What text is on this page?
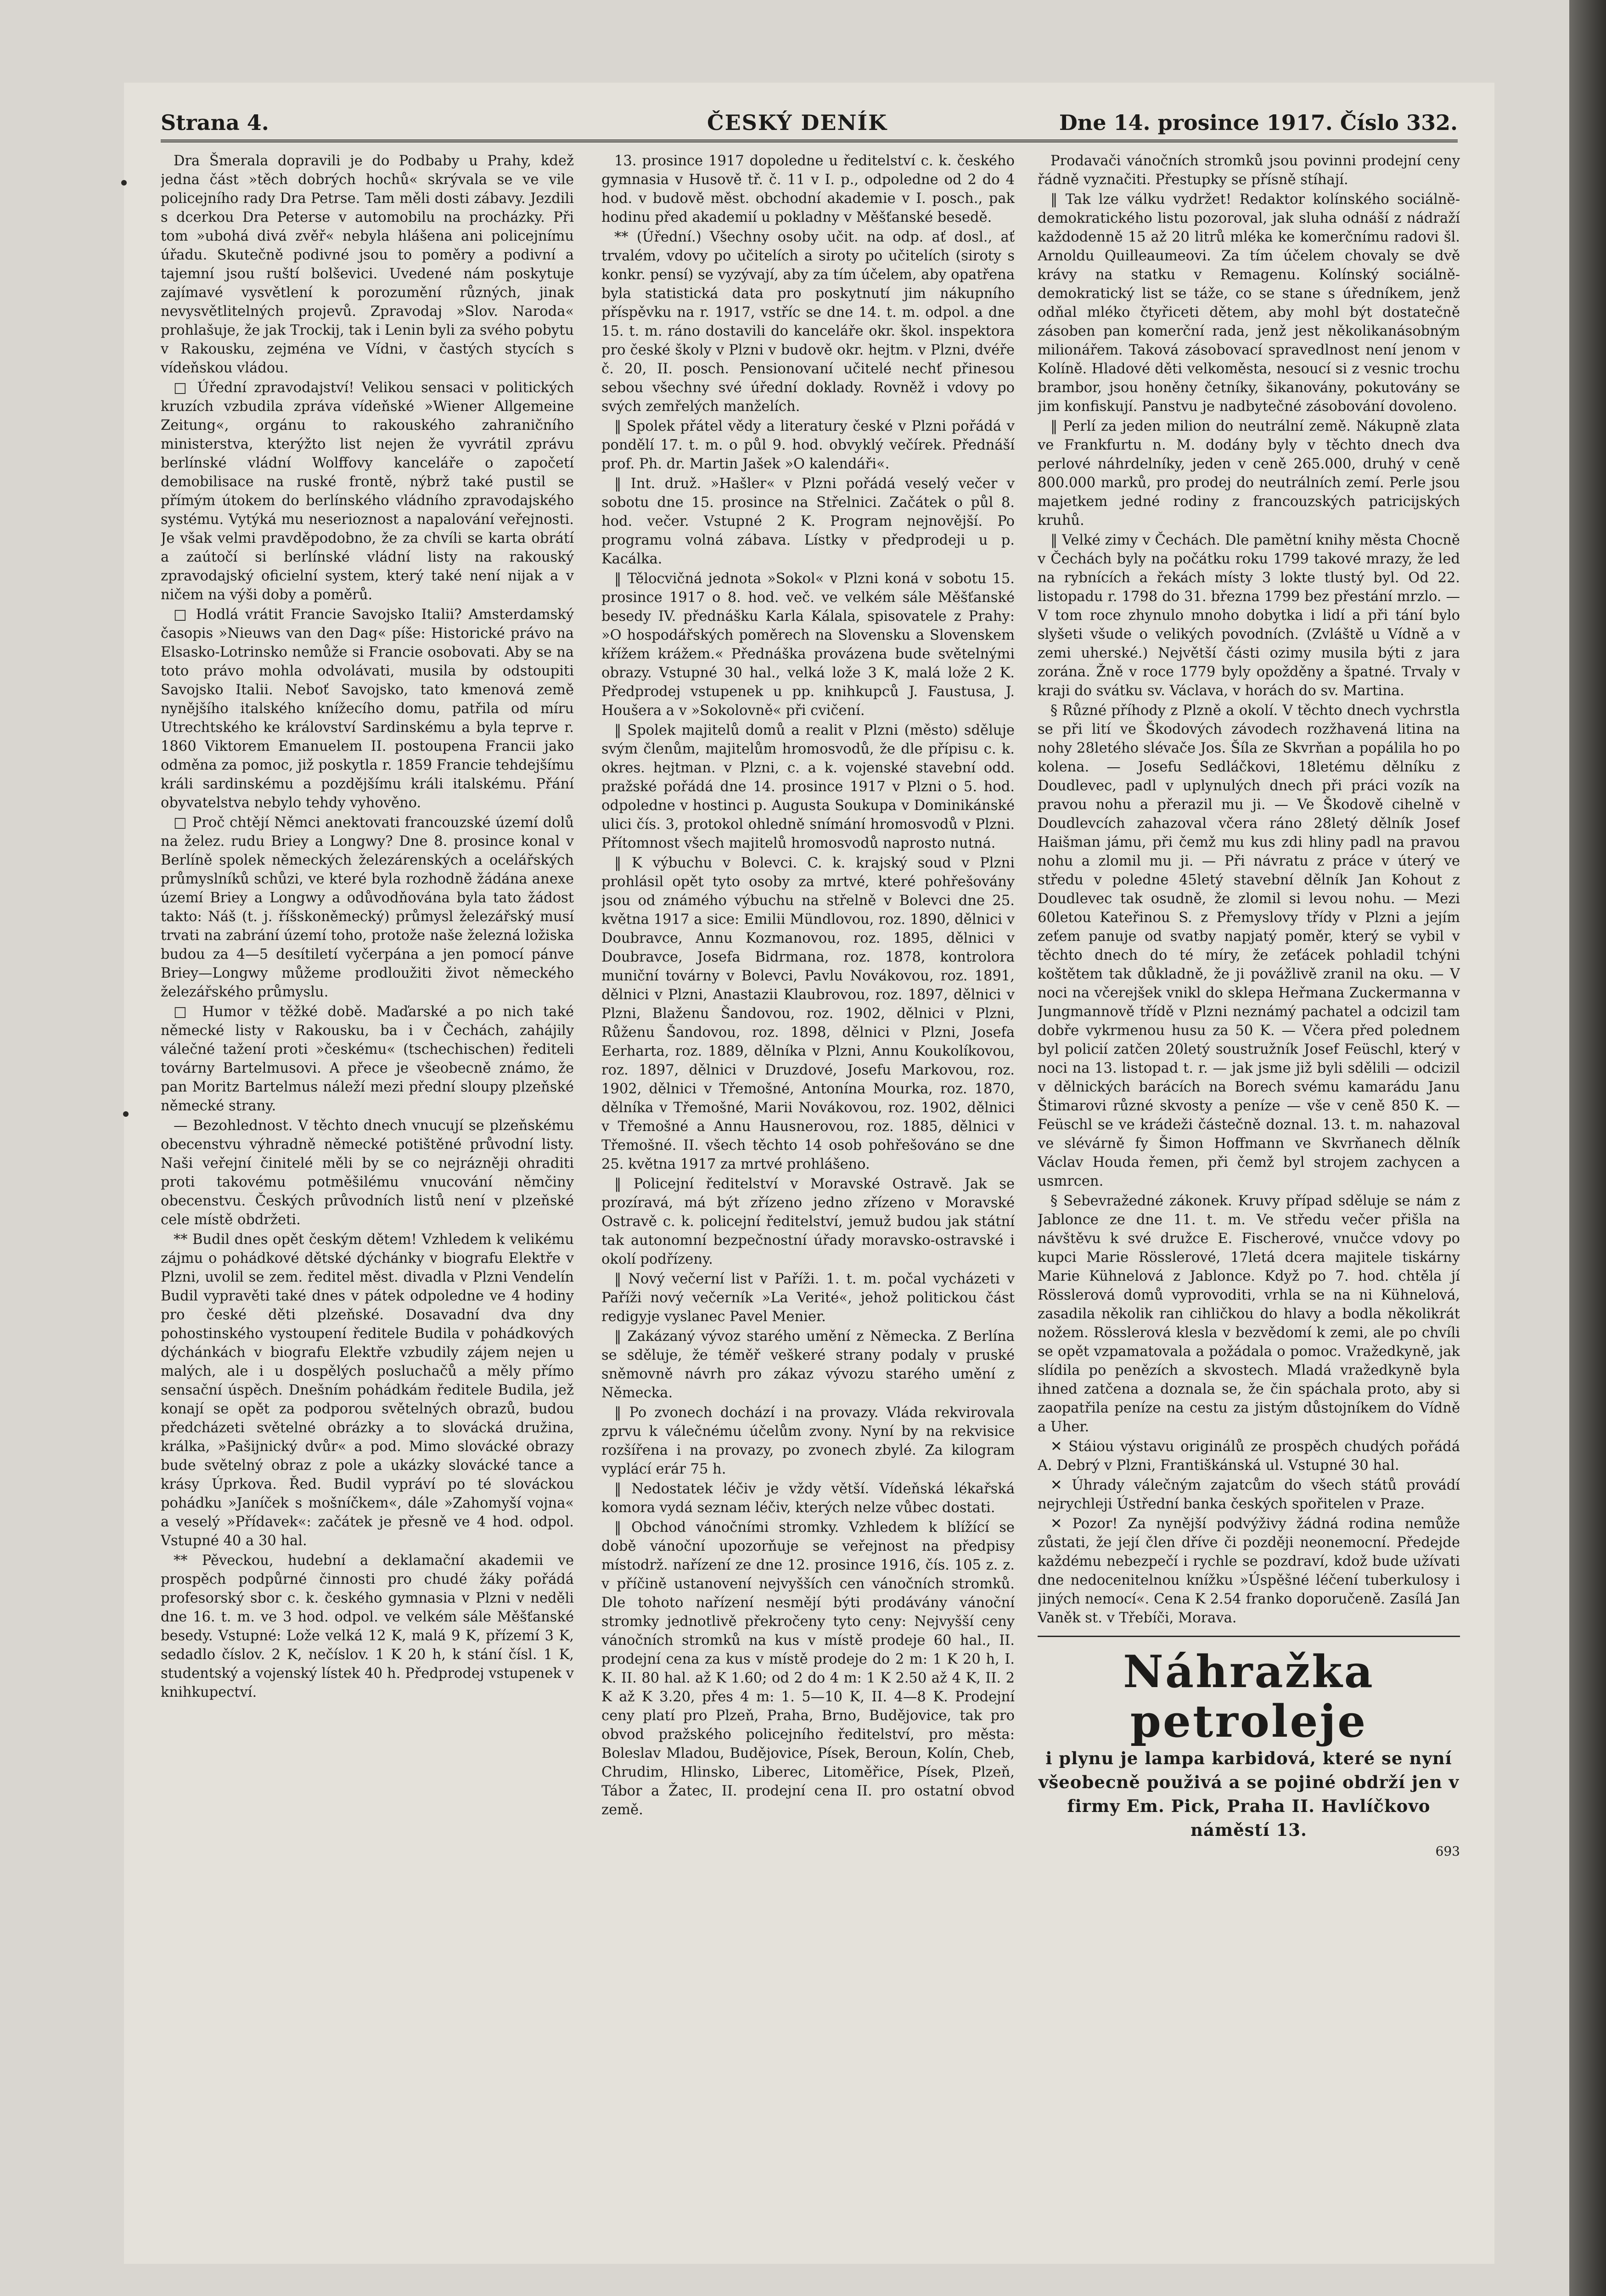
Strana 4.	ČESKÝ DENÍK	Dne 14. prosince 1917. Číslo 332.

Dra Šmerala dopravili je do Podbaby u Prahy, kdež jedna část »těch dobrých hochů« skrývala se ve vile policejního rady Dra Petrse. Tam měli dosti zábavy. Jezdili s dcerkou Dra Peterse v automobilu na procházky. Při tom »ubohá divá zvěř« nebyla hlášena ani policejnímu úřadu. Skutečně podivné jsou to poměry a podivní a tajemní jsou ruští bolševici. Uvedené nám poskytuje zajímavé vysvětlení k porozumění různých, jinak nevysvětlitelných projevů. Zpravodaj »Slov. Naroda« prohlašuje, že jak Trockij, tak i Lenin byli za svého pobytu v Rakousku, zejména ve Vídni, v častých stycích s vídeňskou vládou.

□ Úřední zpravodajství! Velikou sensaci v politických kruzích vzbudila zpráva vídeňské »Wiener Allgemeine Zeitung«, orgánu to rakouského zahraničního ministerstva, kterýžto list nejen že vyvrátil zprávu berlínské vládní Wolffovy kanceláře o započetí demobilisace na ruské frontě, nýbrž také pustil se přímým útokem do berlínského vládního zpravodajského systému. Vytýká mu neserioznost a napalování veřejnosti. Je však velmi pravděpodobno, že za chvíli se karta obrátí a zaútočí si berlínské vládní listy na rakouský zpravodajský oficielní system, který také není nijak a v ničem na výši doby a poměrů.

□ Hodlá vrátit Francie Savojsko Italii? Amsterdamský časopis »Nieuws van den Dag« píše: Historické právo na Elsasko-Lotrinsko nemůže si Francie osobovati. Aby se na toto právo mohla odvolávati, musila by odstoupiti Savojsko Italii. Neboť Savojsko, tato kmenová země nynějšího italského knížecího domu, patřila od míru Utrechtského ke království Sardinskému a byla teprve r. 1860 Viktorem Emanuelem II. postoupena Francii jako odměna za pomoc, již poskytla r. 1859 Francie tehdejšímu králi sardinskému a pozdějšímu králi italskému. Přání obyvatelstva nebylo tehdy vyhověno.

□ Proč chtějí Němci anektovati francouzské území dolů na želez. rudu Briey a Longwy? Dne 8. prosince konal v Berlíně spolek německých železárenských a ocelářských průmyslníků schůzi, ve které byla rozhodně žádána anexe území Briey a Longwy a odůvodňována byla tato žádost takto: Náš (t. j. říšskoněmecký) průmysl železářský musí trvati na zabrání území toho, protože naše železná ložiska budou za 4—5 desítiletí vyčerpána a jen pomocí pánve Briey—Longwy můžeme prodloužiti život německého železářského průmyslu.

□ Humor v těžké době. Maďarské a po nich také německé listy v Rakousku, ba i v Čechách, zahájily válečné tažení proti »českému« (tschechischen) řediteli továrny Bartelmusovi. A přece je všeobecně známo, že pan Moritz Bartelmus náleží mezi přední sloupy plzeňské německé strany.

— Bezohlednost. V těchto dnech vnucují se plzeňskému obecenstvu výhradně německé potištěné průvodní listy. Naši veřejní činitelé měli by se co nejrázněji ohraditi proti takovému potměšilému vnucování němčiny obecenstvu. Českých průvodních listů není v plzeňské cele místě obdržeti.

** Budil dnes opět českým dětem! Vzhledem k velikému zájmu o pohádkové dětské dýchánky v biografu Elektře v Plzni, uvolil se zem. ředitel měst. divadla v Plzni Vendelín Budil vypravěti také dnes v pátek odpoledne ve 4 hodiny pro české děti plzeňské. Dosavadní dva dny pohostinského vystoupení ředitele Budila v pohádkových dýchánkách v biografu Elektře vzbudily zájem nejen u malých, ale i u dospělých posluchačů a měly přímo sensační úspěch. Dnešním pohádkám ředitele Budila, jež konají se opět za podporou světelných obrazů, budou předcházeti světelné obrázky a to slovácká družina, králka, »Pašijnický dvůr« a pod. Mimo slovácké obrazy bude světelný obraz z pole a ukázky slovácké tance a krásy Úprkova. Řed. Budil vypráví po té slováckou pohádku »Janíček s mošníčkem«, dále »Zahomyší vojna« a veselý »Přídavek«: začátek je přesně ve 4 hod. odpol. Vstupné 40 a 30 hal.

** Pěveckou, hudební a deklamační akademii ve prospěch podpůrné činnosti pro chudé žáky pořádá profesorský sbor c. k. českého gymnasia v Plzni v neděli dne 16. t. m. ve 3 hod. odpol. ve velkém sále Měšťanské besedy. Vstupné: Lože velká 12 K, malá 9 K, přízemí 3 K, sedadlo číslov. 2 K, nečíslov. 1 K 20 h, k stání čísl. 1 K, studentský a vojenský lístek 40 h. Předprodej vstupenek v knihkupectví.

13. prosince 1917 dopoledne u ředitelství c. k. českého gymnasia v Husově tř. č. 11 v I. p., odpoledne od 2 do 4 hod. v budově měst. obchodní akademie v I. posch., pak hodinu před akademií u pokladny v Měšťanské besedě.

** (Úřední.) Všechny osoby učit. na odp. ať dosl., ať trvalém, vdovy po učitelích a siroty po učitelích (siroty s konkr. pensí) se vyzývají, aby za tím účelem, aby opatřena byla statistická data pro poskytnutí jim nákupního příspěvku na r. 1917, vstříc se dne 14. t. m. odpol. a dne 15. t. m. ráno dostavili do kanceláře okr. škol. inspektora pro české školy v Plzni v budově okr. hejtm. v Plzni, dvéře č. 20, II. posch. Pensionovaní učitelé nechť přinesou sebou všechny své úřední doklady. Rovněž i vdovy po svých zemřelých manželích.

‖ Spolek přátel vědy a literatury české v Plzni pořádá v pondělí 17. t. m. o půl 9. hod. obvyklý večírek. Přednáší prof. Ph. dr. Martin Jašek »O kalendáři«.

‖ Int. druž. »Hašler« v Plzni pořádá veselý večer v sobotu dne 15. prosince na Střelnici. Začátek o půl 8. hod. večer. Vstupné 2 K. Program nejnovější. Po programu volná zábava. Lístky v předprodeji u p. Kacálka.

‖ Tělocvičná jednota »Sokol« v Plzni koná v sobotu 15. prosince 1917 o 8. hod. več. ve velkém sále Měšťanské besedy IV. přednášku Karla Kálala, spisovatele z Prahy: »O hospodářských poměrech na Slovensku a Slovenskem křížem krážem.« Přednáška provázena bude světelnými obrazy. Vstupné 30 hal., velká lože 3 K, malá lože 2 K. Předprodej vstupenek u pp. knihkupců J. Faustusa, J. Houšera a v »Sokolovně« při cvičení.

‖ Spolek majitelů domů a realit v Plzni (město) sděluje svým členům, majitelům hromosvodů, že dle přípisu c. k. okres. hejtman. v Plzni, c. a k. vojenské stavební odd. pražské pořádá dne 14. prosince 1917 v Plzni o 5. hod. odpoledne v hostinci p. Augusta Soukupa v Dominikánské ulici čís. 3, protokol ohledně snímání hromosvodů v Plzni. Přítomnost všech majitelů hromosvodů naprosto nutná.

‖ K výbuchu v Bolevci. C. k. krajský soud v Plzni prohlásil opět tyto osoby za mrtvé, které pohřešovány jsou od známého výbuchu na střelně v Bolevci dne 25. května 1917 a sice: Emilii Mündlovou, roz. 1890, dělnici v Doubravce, Annu Kozmanovou, roz. 1895, dělnici v Doubravce, Josefa Bidrmana, roz. 1878, kontrolora muniční továrny v Bolevci, Pavlu Novákovou, roz. 1891, dělnici v Plzni, Anastazii Klaubrovou, roz. 1897, dělnici v Plzni, Blaženu Šandovou, roz. 1902, dělnici v Plzni, Růženu Šandovou, roz. 1898, dělnici v Plzni, Josefa Eerharta, roz. 1889, dělníka v Plzni, Annu Koukolíkovou, roz. 1897, dělnici v Druzdové, Josefu Markovou, roz. 1902, dělnici v Třemošné, Antonína Mourka, roz. 1870, dělníka v Třemošné, Marii Novákovou, roz. 1902, dělnici v Třemošné a Annu Hausnerovou, roz. 1885, dělnici v Třemošné. II. všech těchto 14 osob pohřešováno se dne 25. května 1917 za mrtvé prohlášeno.

‖ Policejní ředitelství v Moravské Ostravě. Jak se prozíravá, má být zřízeno jedno zřízeno v Moravské Ostravě c. k. policejní ředitelství, jemuž budou jak státní tak autonomní bezpečnostní úřady moravsko-ostravské i okolí podřízeny.

‖ Nový večerní list v Paříži. 1. t. m. počal vycházeti v Paříži nový večerník »La Verité«, jehož politickou část redigује vyslanec Pavel Menier.

‖ Zakázaný vývoz starého umění z Německa. Z Berlína se sděluje, že téměř veškeré strany podaly v pruské sněmovně návrh pro zákaz vývozu starého umění z Německa.

‖ Po zvonech dochází i na provazy. Vláda rekvirovala zprvu k válečnému účelům zvony. Nyní by na rekvisice rozšířena i na provazy, po zvonech zbylé. Za kilogram vyplácí erár 75 h.

‖ Nedostatek léčiv je vždy větší. Vídeňská lékařská komora vydá seznam léčiv, kterých nelze vůbec dostati.

‖ Obchod vánočními stromky. Vzhledem k blížící se době vánoční upozorňuje se veřejnost na předpisy místodrž. nařízení ze dne 12. prosince 1916, čís. 105 z. z. v příčině ustanovení nejvyšších cen vánočních stromků. Dle tohoto nařízení nesmějí býti prodávány vánoční stromky jednotlivě překročeny tyto ceny: Nejvyšší ceny vánočních stromků na kus v místě prodeje 60 hal., II. prodejní cena za kus v místě prodeje do 2 m: 1 K 20 h, I. K. II. 80 hal. až K 1.60; od 2 do 4 m: 1 K 2.50 až 4 K, II. 2 K až K 3.20, přes 4 m: 1. 5—10 K, II. 4—8 K. Prodejní ceny platí pro Plzeň, Praha, Brno, Budějovice, tak pro obvod pražského policejního ředitelství, pro města: Boleslav Mladou, Budějovice, Písek, Beroun, Kolín, Cheb, Chrudim, Hlinsko, Liberec, Litoměřice, Písek, Plzeň, Tábor a Žatec, II. prodejní cena II. pro ostatní obvod země.

Prodavači vánočních stromků jsou povinni prodejní ceny řádně vyznačiti. Přestupky se přísně stíhají.

‖ Tak lze válku vydržet! Redaktor kolínského sociálně-demokratického listu pozoroval, jak sluha odnáší z nádraží každodenně 15 až 20 litrů mléka ke komerčnímu radovi šl. Arnoldu Quilleaumeovi. Za tím účelem chovaly se dvě krávy na statku v Remagenu. Kolínský sociálně-demokratický list se táže, co se stane s úředníkem, jenž odňal mléko čtyřiceti dětem, aby mohl být dostatečně zásoben pan komerční rada, jenž jest několikanásobným milionářem. Taková zásobovací spravedlnost není jenom v Kolíně. Hladové děti velkoměsta, nesoucí si z vesnic trochu brambor, jsou honěny četníky, šikanovány, pokutovány se jim konfiskují. Panstvu je nadbytečné zásobování dovoleno.

‖ Perlí za jeden milion do neutrální země. Nákupně zlata ve Frankfurtu n. M. dodány byly v těchto dnech dva perlové náhrdelníky, jeden v ceně 265.000, druhý v ceně 800.000 marků, pro prodej do neutrálních zemí. Perle jsou majetkem jedné rodiny z francouzských patricijských kruhů.

‖ Velké zimy v Čechách. Dle pamětní knihy města Chocně v Čechách byly na počátku roku 1799 takové mrazy, že led na rybnících a řekách místy 3 lokte tlustý byl. Od 22. listopadu r. 1798 do 31. března 1799 bez přestání mrzlo. — V tom roce zhynulo mnoho dobytka i lidí a při tání bylo slyšeti všude o velikých povodních. (Zvláště u Vídně a v zemi uherské.) Největší části ozimy musila býti z jara zorána. Žně v roce 1779 byly opožděny a špatné. Trvaly v kraji do svátku sv. Václava, v horách do sv. Martina.

§ Různé příhody z Plzně a okolí. V těchto dnech vychrstla se při lití ve Škodových závodech rozžhavená litina na nohy 28letého slévače Jos. Šíla ze Skvrňan a popálila ho po kolena. — Josefu Sedláčkovi, 18letému dělníku z Doudlevec, padl v uplynulých dnech při práci vozík na pravou nohu a přerazil mu ji. — Ve Škodově cihelně v Doudlevcích zahazoval včera ráno 28letý dělník Josef Haišman jámu, při čemž mu kus zdi hliny padl na pravou nohu a zlomil mu ji. — Při návratu z práce v úterý ve středu v poledne 45letý stavební dělník Jan Kohout z Doudlevec tak osudně, že zlomil si levou nohu. — Mezi 60letou Kateřinou S. z Přemyslovy třídy v Plzni a jejím zeťem panuje od svatby napjatý poměr, který se vybil v těchto dnech do té míry, že zeťácek pohladil tchýni koštětem tak důkladně, že ji povážlivě zranil na oku. — V noci na včerejšek vnikl do sklepa Heřmana Zuckermanna v Jungmannově třídě v Plzni neznámý pachatel a odcizil tam dobře vykrmenou husu za 50 K. — Včera před polednem byl policií zatčen 20letý soustružník Josef Feüschl, který v noci na 13. listopad t. r. — jak jsme již byli sdělili — odcizil v dělnických barácích na Borech svému kamarádu Janu Štimarovi různé skvosty a peníze — vše v ceně 850 K. — Feüschl se ve krádeži částečně doznal. 13. t. m. nahazoval ve slévárně fy Šimon Hoffmann ve Skvrňanech dělník Václav Houda řemen, při čemž byl strojem zachycen a usmrcen.

§ Sebevražedné zákonek. Kruvy případ sděluje se nám z Jablonce ze dne 11. t. m. Ve středu večer přišla na návštěvu k své družce E. Fischerové, vnučce vdovy po kupci Marie Rösslerové, 17letá dcera majitele tiskárny Marie Kühnelová z Jablonce. Když po 7. hod. chtěla jí Rösslerová domů vyprovoditi, vrhla se na ni Kühnelová, zasadila několik ran cihličkou do hlavy a bodla několikrát nožem. Rösslerová klesla v bezvědomí k zemi, ale po chvíli se opět vzpamatovala a požádala o pomoc. Vražedkyně, jak slídila po penězích a skvostech. Mladá vražedkyně byla ihned zatčena a doznala se, že čin spáchala proto, aby si zaopatřila peníze na cestu za jistým důstojníkem do Vídně a Uher.

✕ Stáiou výstavu originálů ze prospěch chudých pořádá A. Debrý v Plzni, Františkánská ul. Vstupné 30 hal.

✕ Úhrady válečným zajatcům do všech států provádí nejrychleji Ústřední banka českých spořitelen v Praze.

✕ Pozor! Za nynější podvýživy žádná rodina nemůže zůstati, že její člen dříve či později neonemocní. Předejde každému nebezpečí i rychle se pozdraví, kdož bude užívati dne nedocenitelnou knížku »Úspěšné léčení tuberkulosy i jiných nemocí«. Cena K 2.54 franko doporučeně. Zasílá Jan Vaněk st. v Třebíči, Morava.

Náhražka petroleje
i plynu je lampa karbidová, které se nyní všeobecně použivá a se pojiné obdrží jen v firmy Em. Pick, Praha II. Havlíčkovo náměstí 13.
693
